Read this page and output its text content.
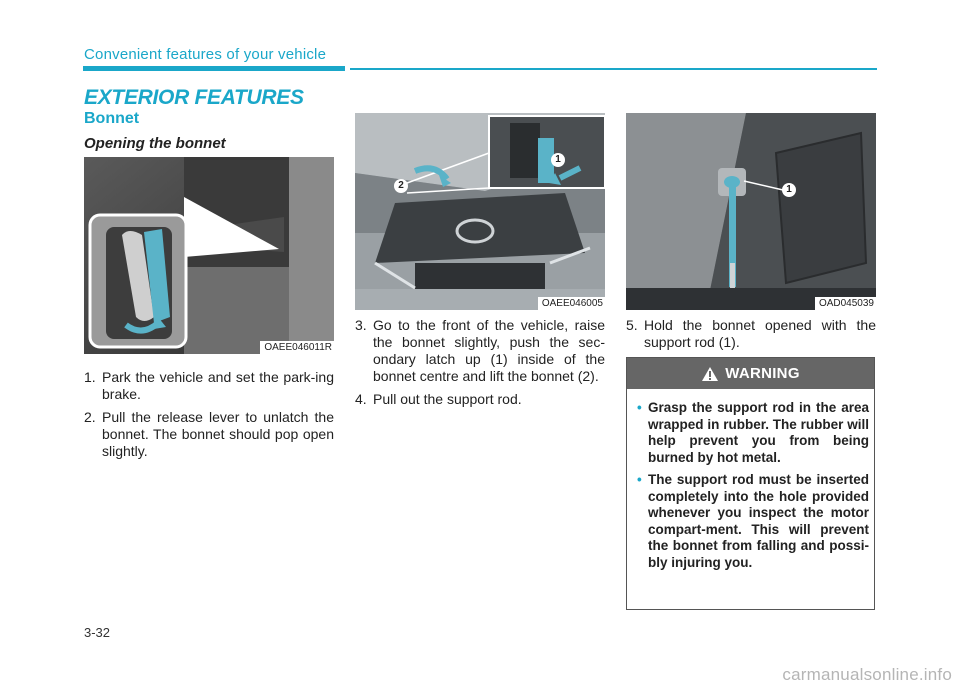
Convenient features of your vehicle
EXTERIOR FEATURES
Bonnet
Opening the bonnet
OAEE046011R
1
2
OAEE046005
1
OAD045039
1. Park the vehicle and set the park-ing brake.
2. Pull the release lever to unlatch the bonnet. The bonnet should pop open slightly.
3. Go to the front of the vehicle, raise the bonnet slightly, push the sec-ondary latch up (1) inside of the bonnet centre and lift the bonnet (2).
4. Pull out the support rod.
5. Hold the bonnet opened with the support rod (1).
WARNING
• Grasp the support rod in the area wrapped in rubber. The rubber will help prevent you from being burned by hot metal.
• The support rod must be inserted completely into the hole provided whenever you inspect the motor compart-ment. This will prevent the bonnet from falling and possi-bly injuring you.
3-32
carmanualsonline.info
